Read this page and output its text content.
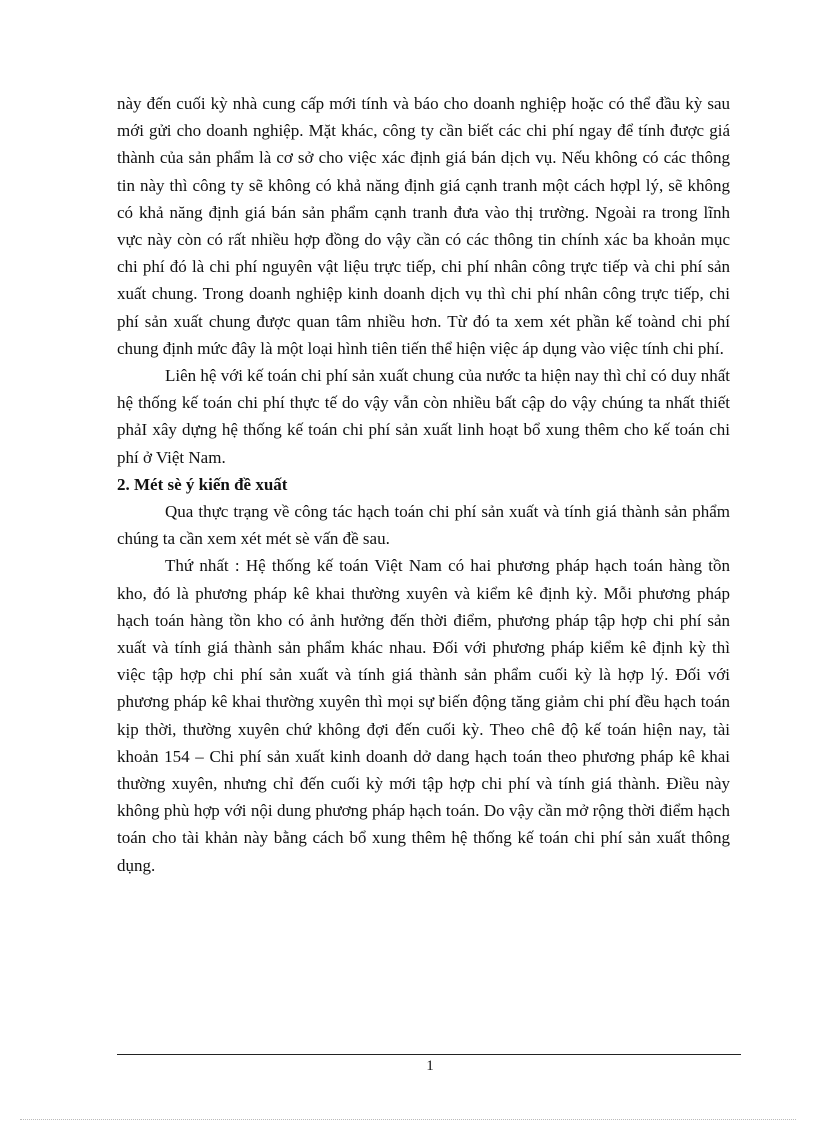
này đến cuối kỳ nhà cung cấp mới tính và báo cho doanh nghiệp hoặc có thể đầu kỳ sau mới gửi cho doanh nghiệp. Mặt khác, công ty cần biết các chi phí ngay để tính được giá thành của sản phẩm là cơ sở cho việc xác định giá bán dịch vụ. Nếu không có các thông tin này thì công ty sẽ không có khả năng định giá cạnh tranh một cách hợpl lý, sẽ không có khả năng định giá bán sản phẩm cạnh tranh đưa vào thị trường. Ngoài ra trong lĩnh vực này còn có rất nhiều hợp đồng do vậy cần có các thông tin chính xác ba khoản mục chi phí đó là chi phí nguyên vật liệu trực tiếp, chi phí nhân công trực tiếp và chi phí sản xuất chung. Trong doanh nghiệp kinh doanh dịch vụ thì chi phí nhân công trực tiếp, chi phí sản xuất chung được quan tâm nhiều hơn. Từ đó ta xem xét phần kế toànd chi phí chung định mức đây là một loại hình tiên tiến thể hiện việc áp dụng vào việc tính chi phí.

Liên hệ với kế toán chi phí sản xuất chung của nước ta hiện nay thì chỉ có duy nhất hệ thống kế toán chi phí thực tế do vậy vẫn còn nhiều bất cập do vậy chúng ta nhất thiết phảI xây dựng hệ thống kế toán chi phí sản xuất linh hoạt bổ xung thêm cho kế toán chi phí ở Việt Nam.

2. Mét sè ý kiến đề xuất

Qua thực trạng về công tác hạch toán chi phí sản xuất và tính giá thành sản phẩm chúng ta cần xem xét mét sè vấn đề sau.

Thứ nhất : Hệ thống kế toán Việt Nam có hai phương pháp hạch toán hàng tồn kho, đó là phương pháp kê khai thường xuyên và kiểm kê định kỳ. Mỗi phương pháp hạch toán hàng tồn kho có ảnh hưởng đến thời điểm, phương pháp tập hợp chi phí sản xuất và tính giá thành sản phẩm khác nhau. Đối với phương pháp kiểm kê định kỳ thì việc tập hợp chi phí sản xuất và tính giá thành sản phẩm cuối kỳ là hợp lý. Đối với phương pháp kê khai thường xuyên thì mọi sự biến động tăng giảm chi phí đều hạch toán kịp thời, thường xuyên chứ không đợi đến cuối kỳ. Theo chê độ kế toán hiện nay, tài khoản 154 – Chi phí sản xuất kinh doanh dở dang hạch toán theo phương pháp kê khai thường xuyên, nhưng chỉ đến cuối kỳ mới tập hợp chi phí và tính giá thành. Điều này không phù hợp với nội dung phương pháp hạch toán. Do vậy cần mở rộng thời điểm hạch toán cho tài khản này bằng cách bổ xung thêm hệ thống kế toán chi phí sản xuất thông dụng.

1
